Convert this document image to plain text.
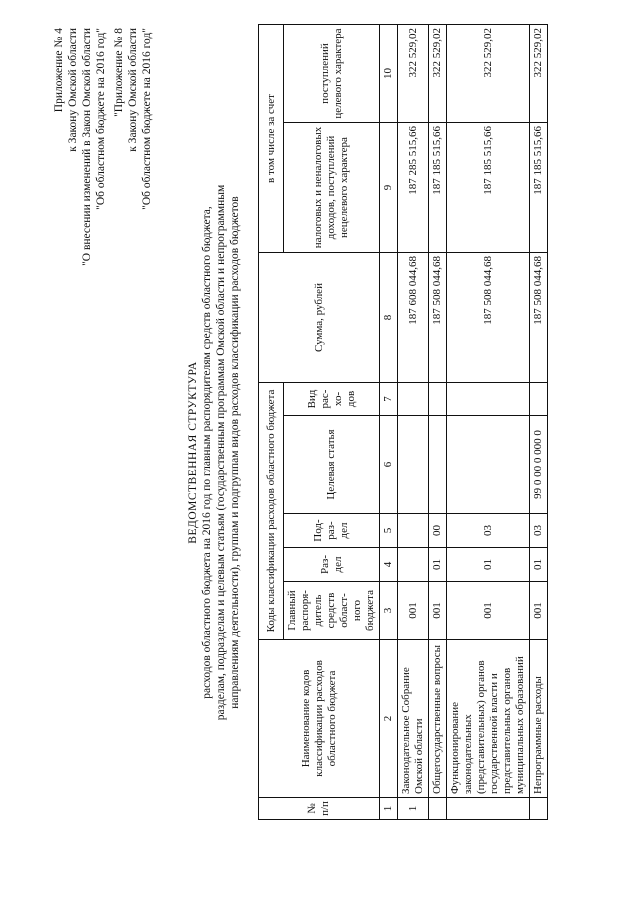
Приложение № 4 к Закону Омской области "О внесении изменений в Закон Омской области "Об областном бюджете на 2016 год" "Приложение № 8 к Закону Омской области "Об областном бюджете на 2016 год"
ВЕДОМСТВЕННАЯ СТРУКТУРА расходов областного бюджета на 2016 год по главным распорядителям средств областного бюджета, разделам, подразделам и целевым статьям (государственным программам Омской области и непрограммным направлениям деятельности), группам и подгруппам видов расходов классификации расходов бюджетов
№ п/п	Наименование кодов классификации расходов областного бюджета	Коды классификации расходов областного бюджета					Сумма, рублей	в том числе за счет	
		Главный распоря-дитель средств област-ного бюджета	Раз-дел	Под-раз-дел	Целевая статья	Вид рас-хо-дов		налоговых и неналоговых доходов, поступлений нецелевого характера	поступлений целевого характера
1	2	3	4	5	6	7	8	9	10
1	Законодательное Собрание Омской области	001					187 608 044,68	187 285 515,66	322 529,02
	Общегосударственные вопросы	001	01	00			187 508 044,68	187 185 515,66	322 529,02
	Функционирование законодательных (представительных) органов государственной власти и представительных органов муниципальных образований	001	01	03			187 508 044,68	187 185 515,66	322 529,02
	Непрограммные расходы	001	01	03	99 0 00 0 000 0		187 508 044,68	187 185 515,66	322 529,02
